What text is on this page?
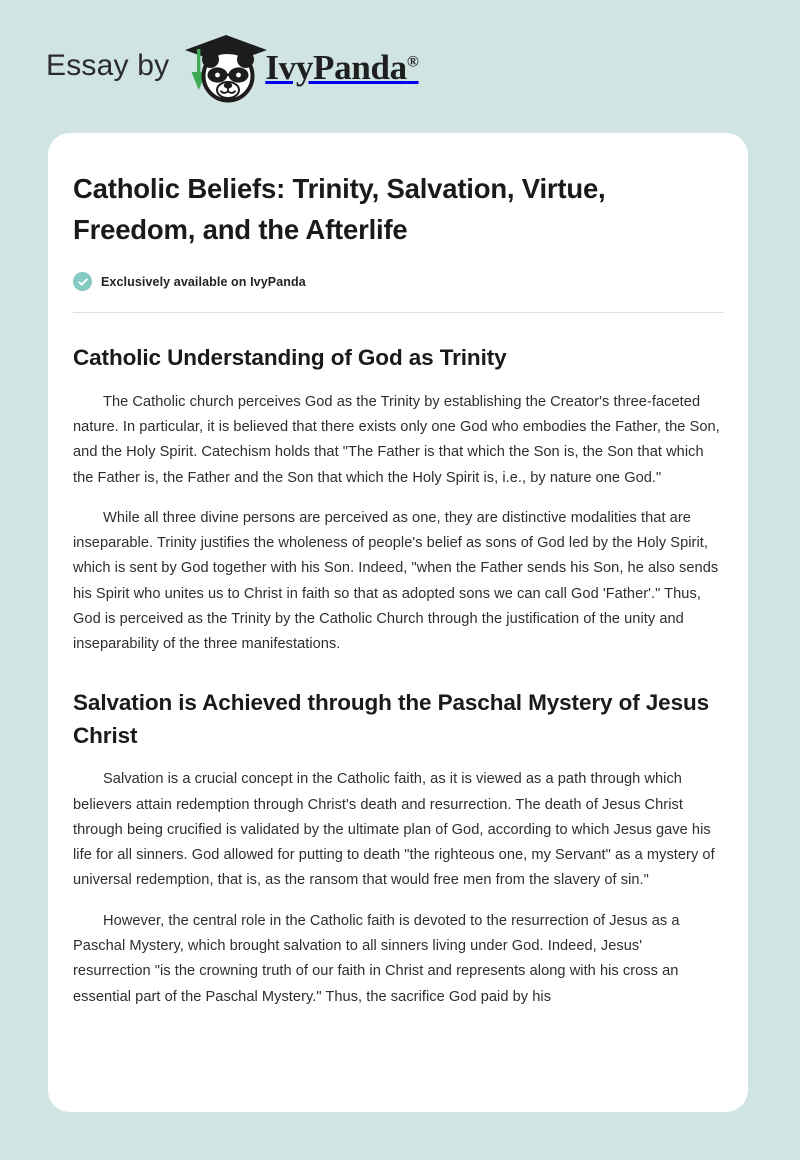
Essay by	IvyPanda®
Catholic Beliefs: Trinity, Salvation, Virtue, Freedom, and the Afterlife
Exclusively available on IvyPanda
Catholic Understanding of God as Trinity

The Catholic church perceives God as the Trinity by establishing the Creator's three-faceted nature. In particular, it is believed that there exists only one God who embodies the Father, the Son, and the Holy Spirit. Catechism holds that "The Father is that which the Son is, the Son that which the Father is, the Father and the Son that which the Holy Spirit is, i.e., by nature one God."

While all three divine persons are perceived as one, they are distinctive modalities that are inseparable. Trinity justifies the wholeness of people's belief as sons of God led by the Holy Spirit, which is sent by God together with his Son. Indeed, "when the Father sends his Son, he also sends his Spirit who unites us to Christ in faith so that as adopted sons we can call God 'Father'." Thus, God is perceived as the Trinity by the Catholic Church through the justification of the unity and inseparability of the three manifestations.

Salvation is Achieved through the Paschal Mystery of Jesus Christ

Salvation is a crucial concept in the Catholic faith, as it is viewed as a path through which believers attain redemption through Christ's death and resurrection. The death of Jesus Christ through being crucified is validated by the ultimate plan of God, according to which Jesus gave his life for all sinners. God allowed for putting to death "the righteous one, my Servant" as a mystery of universal redemption, that is, as the ransom that would free men from the slavery of sin."

However, the central role in the Catholic faith is devoted to the resurrection of Jesus as a Paschal Mystery, which brought salvation to all sinners living under God. Indeed, Jesus' resurrection "is the crowning truth of our faith in Christ and represents along with his cross an essential part of the Paschal Mystery." Thus, the sacrifice God paid by his
